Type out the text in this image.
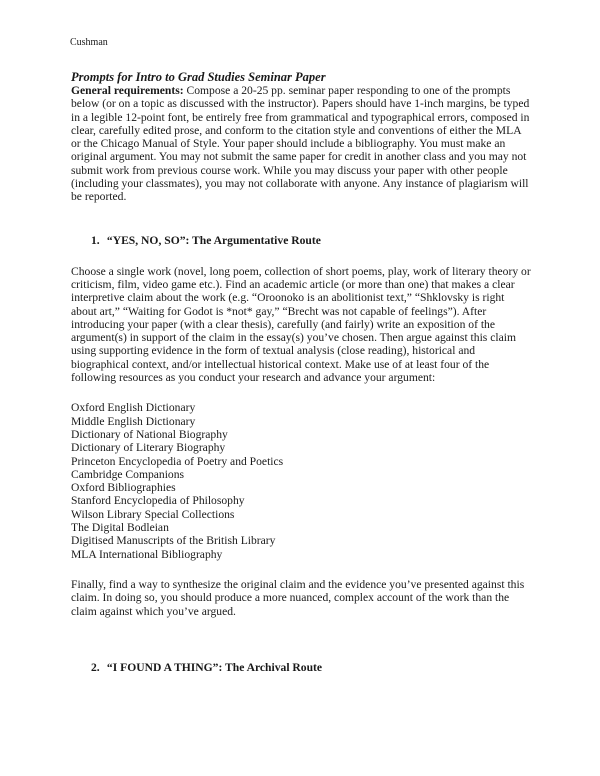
Cushman

Prompts for Intro to Grad Studies Seminar Paper

General requirements: Compose a 20-25 pp. seminar paper responding to one of the prompts below (or on a topic as discussed with the instructor). Papers should have 1-inch margins, be typed in a legible 12-point font, be entirely free from grammatical and typographical errors, composed in clear, carefully edited prose, and conform to the citation style and conventions of either the MLA or the Chicago Manual of Style. Your paper should include a bibliography. You must make an original argument. You may not submit the same paper for credit in another class and you may not submit work from previous course work. While you may discuss your paper with other people (including your classmates), you may not collaborate with anyone. Any instance of plagiarism will be reported.

1. “YES, NO, SO”: The Argumentative Route

Choose a single work (novel, long poem, collection of short poems, play, work of literary theory or criticism, film, video game etc.). Find an academic article (or more than one) that makes a clear interpretive claim about the work (e.g. “Oroonoko is an abolitionist text,” “Shklovsky is right about art,” “Waiting for Godot is *not* gay,” “Brecht was not capable of feelings”). After introducing your paper (with a clear thesis), carefully (and fairly) write an exposition of the argument(s) in support of the claim in the essay(s) you’ve chosen. Then argue against this claim using supporting evidence in the form of textual analysis (close reading), historical and biographical context, and/or intellectual historical context. Make use of at least four of the following resources as you conduct your research and advance your argument:

Oxford English Dictionary
Middle English Dictionary
Dictionary of National Biography
Dictionary of Literary Biography
Princeton Encyclopedia of Poetry and Poetics
Cambridge Companions
Oxford Bibliographies
Stanford Encyclopedia of Philosophy
Wilson Library Special Collections
The Digital Bodleian
Digitised Manuscripts of the British Library
MLA International Bibliography

Finally, find a way to synthesize the original claim and the evidence you’ve presented against this claim. In doing so, you should produce a more nuanced, complex account of the work than the claim against which you’ve argued.

2. “I FOUND A THING”: The Archival Route
